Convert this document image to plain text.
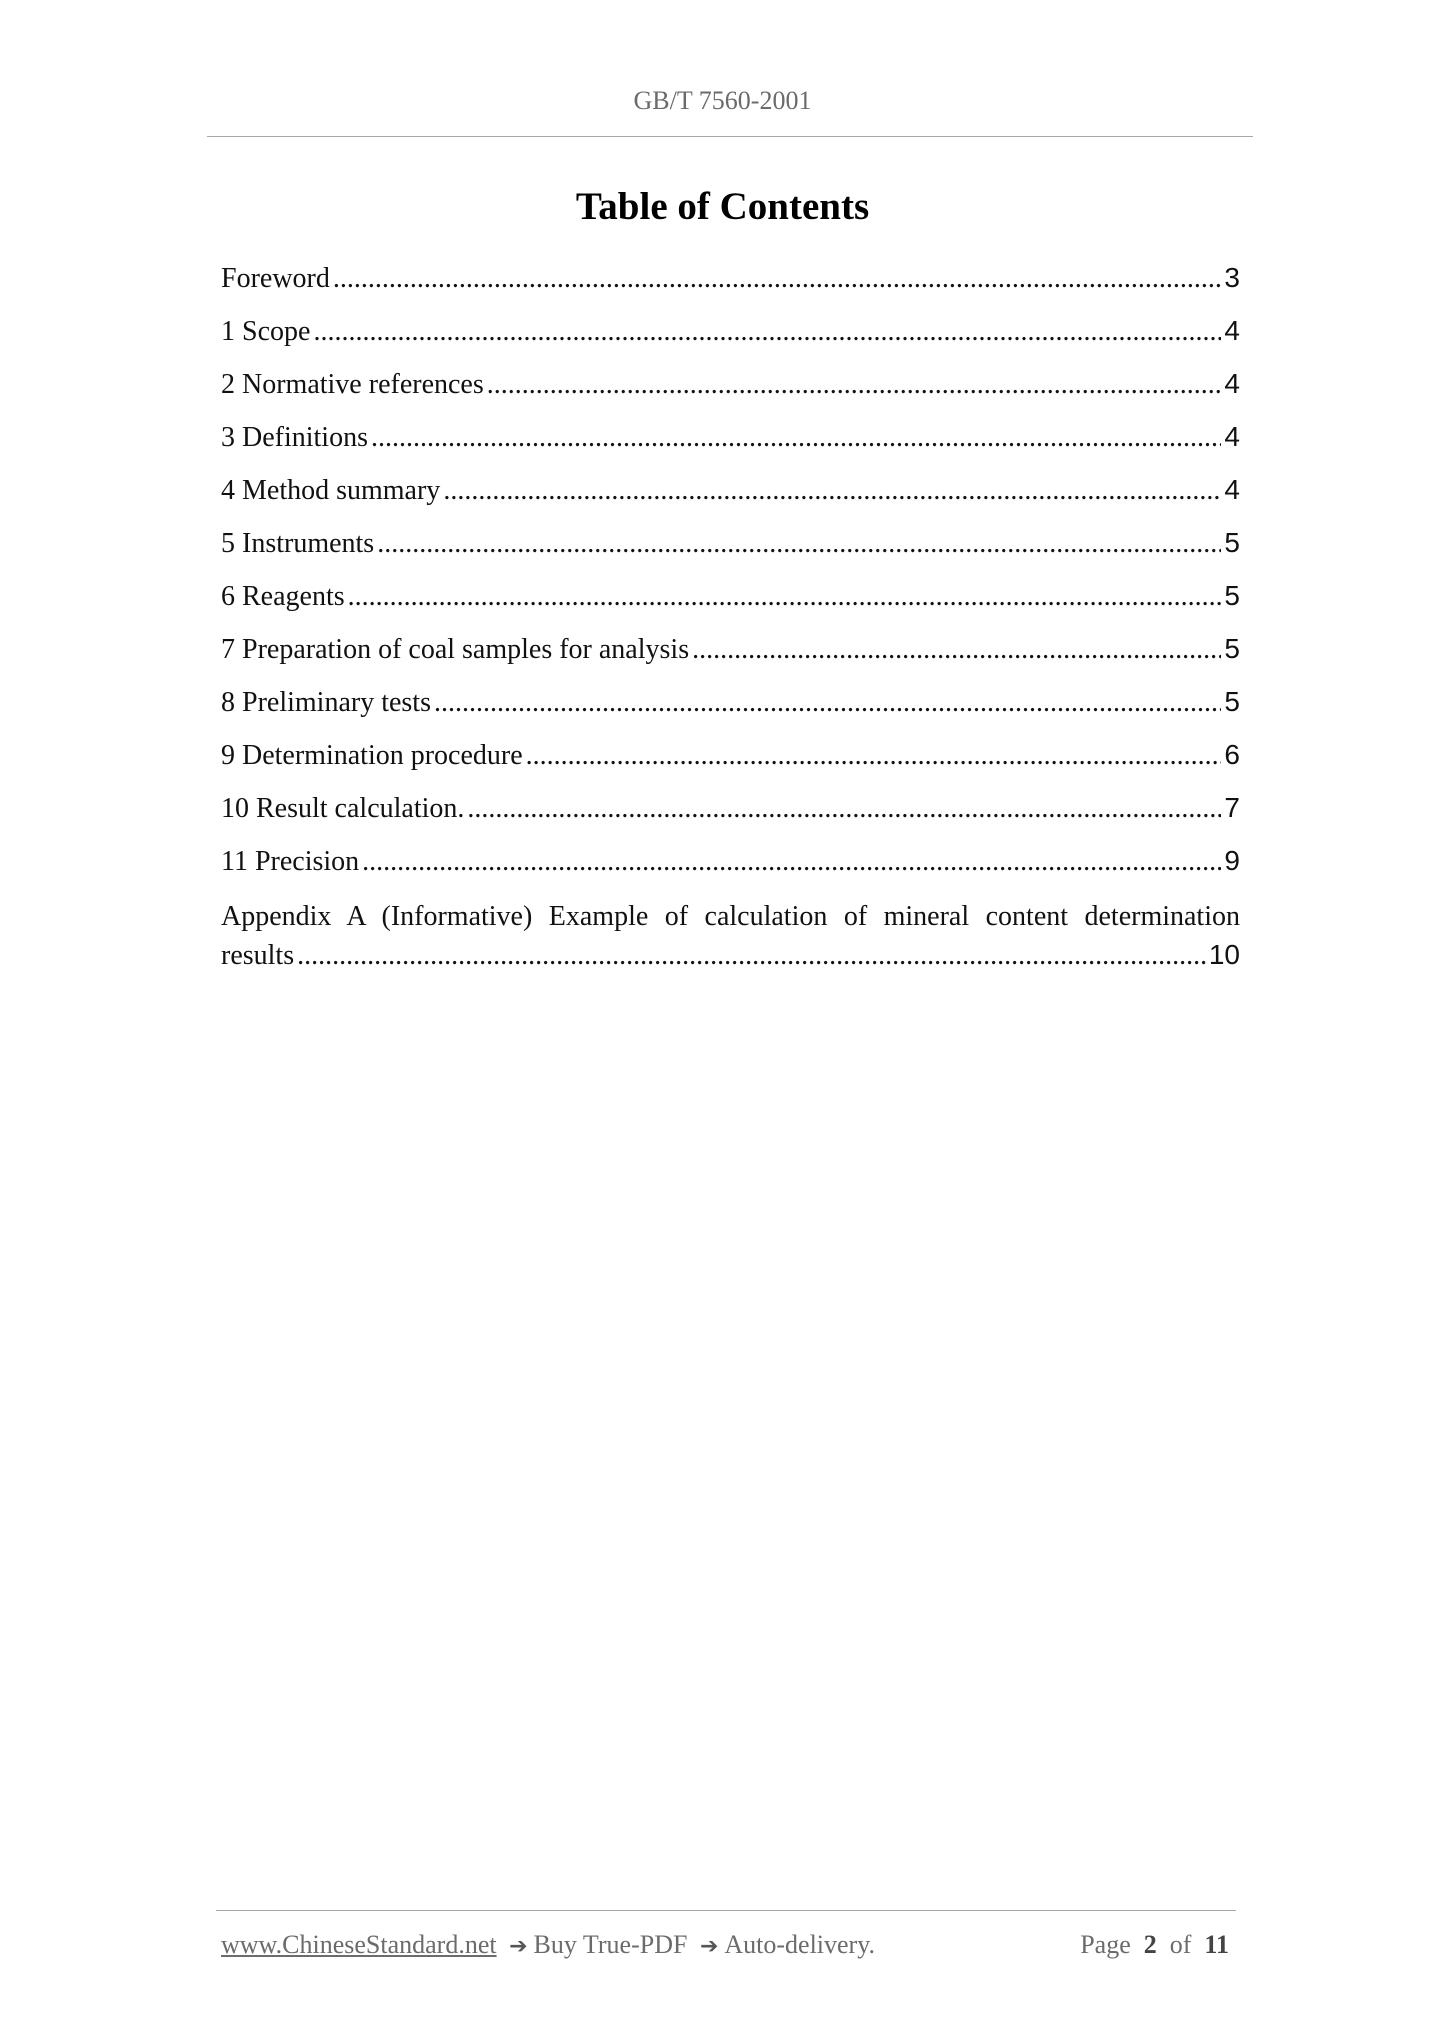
GB/T 7560-2001
Table of Contents
Foreword .....	3
1 Scope .....	4
2 Normative references .....	4
3 Definitions .....	4
4 Method summary .....	4
5 Instruments .....	5
6 Reagents .....	5
7 Preparation of coal samples for analysis .....	5
8 Preliminary tests .....	5
9 Determination procedure .....	6
10 Result calculation. .....	7
11 Precision .....	9
Appendix A (Informative) Example of calculation of mineral content determination
results .....	10
www.ChineseStandard.net ➔ Buy True-PDF ➔ Auto-delivery.	Page 2 of 11
